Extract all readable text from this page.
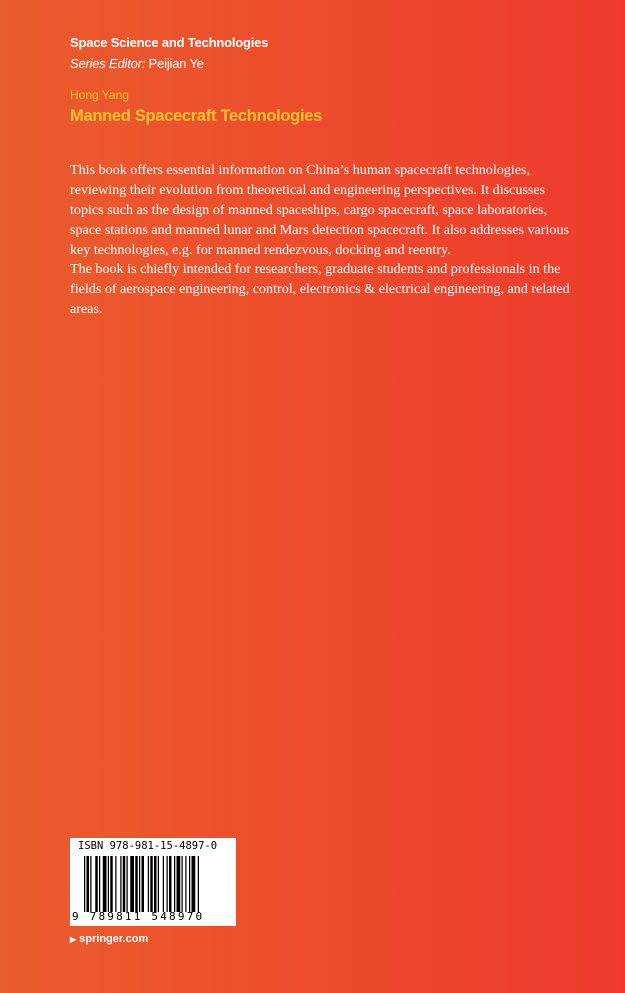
Space Science and Technologies
Series Editor: Peijian Ye
Hong Yang
Manned Spacecraft Technologies

This book offers essential information on China’s human spacecraft technologies, reviewing their evolution from theoretical and engineering perspectives. It discusses topics such as the design of manned spaceships, cargo spacecraft, space laboratories, space stations and manned lunar and Mars detection spacecraft. It also addresses various key technologies, e.g. for manned rendezvous, docking and reentry.

The book is chiefly intended for researchers, graduate students and professionals in the fields of aerospace engineering, control, electronics & electrical engineering, and related areas.

ISBN 978-981-15-4897-0
9 789811 548970
▶ springer.com
